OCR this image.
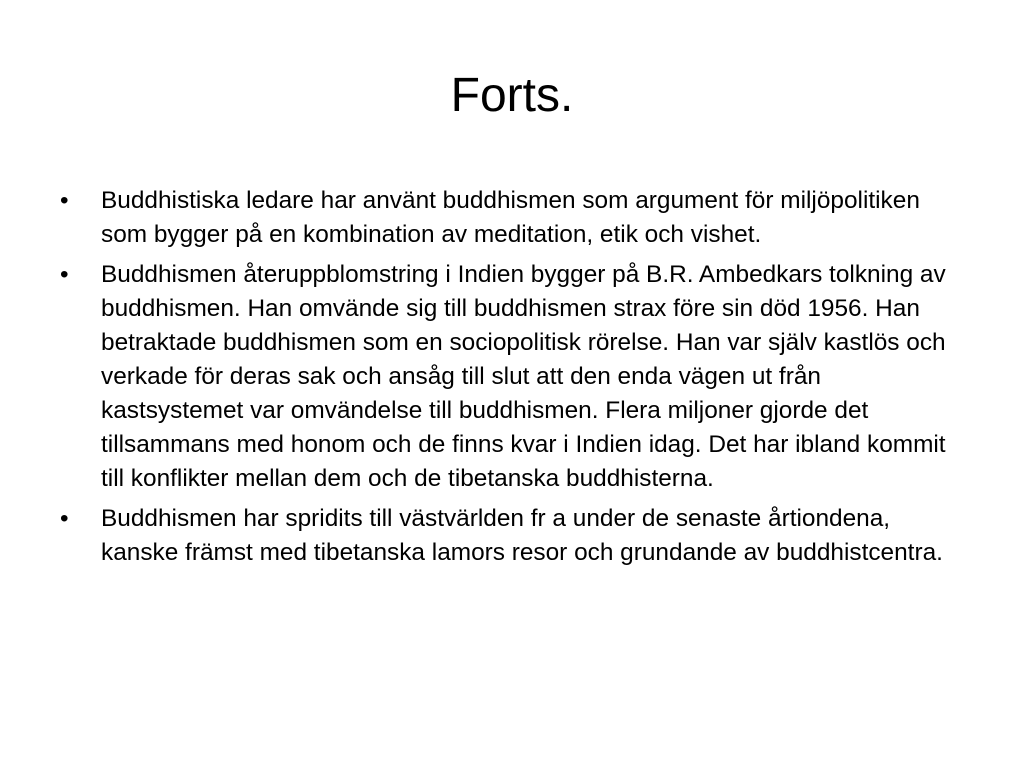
Forts.
• Buddhistiska ledare har använt buddhismen som argument för miljöpolitiken som bygger på en kombination av meditation, etik och vishet.
• Buddhismen återuppblomstring i Indien bygger på B.R. Ambedkars tolkning av buddhismen. Han omvände sig till buddhismen strax före sin död 1956. Han betraktade buddhismen som en sociopolitisk rörelse. Han var själv kastlös och verkade för deras sak och ansåg till slut att den enda vägen ut från kastsystemet var omvändelse till buddhismen. Flera miljoner gjorde det tillsammans med honom och de finns kvar i Indien idag. Det har ibland kommit till konflikter mellan dem och de tibetanska buddhisterna.
• Buddhismen har spridits till västvärlden fr a under de senaste årtiondena, kanske främst med tibetanska lamors resor och grundande av buddhistcentra.
